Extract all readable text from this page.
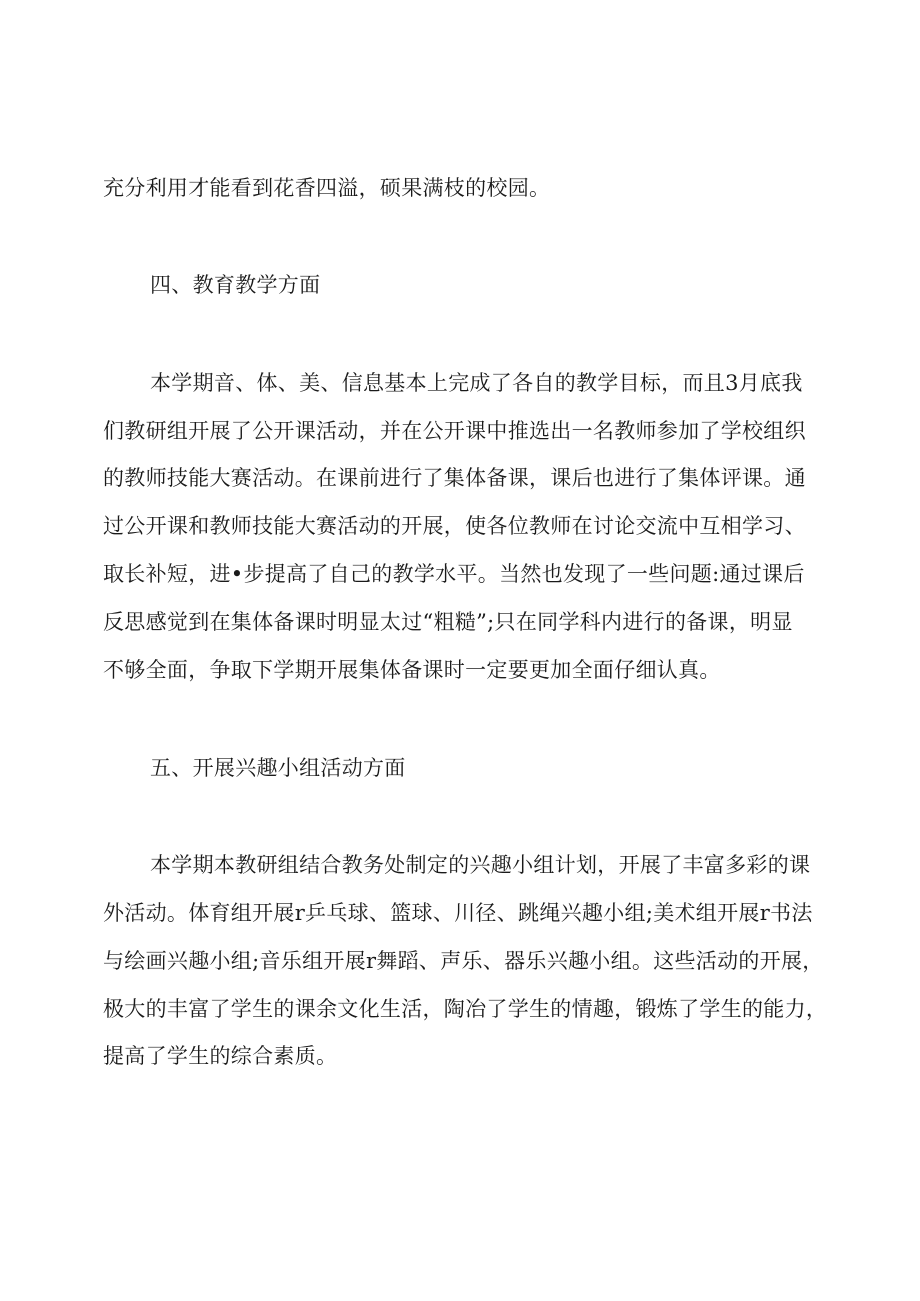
充分利用才能看到花香四溢，硕果满枝的校园。
四、教育教学方面
本学期音、体、美、信息基本上完成了各自的教学目标，而且3月底我
们教研组开展了公开课活动，并在公开课中推选出一名教师参加了学校组织
的教师技能大赛活动。在课前进行了集体备课，课后也进行了集体评课。通
过公开课和教师技能大赛活动的开展，使各位教师在讨论交流中互相学习、
取长补短，进•步提高了自己的教学水平。当然也发现了一些问题:通过课后
反思感觉到在集体备课时明显太过“粗糙”;只在同学科内进行的备课，明显
不够全面，争取下学期开展集体备课时一定要更加全面仔细认真。
五、开展兴趣小组活动方面
本学期本教研组结合教务处制定的兴趣小组计划，开展了丰富多彩的课
外活动。体育组开展r乒乓球、篮球、川径、跳绳兴趣小组;美术组开展r书法
与绘画兴趣小组;音乐组开展r舞蹈、声乐、器乐兴趣小组。这些活动的开展，
极大的丰富了学生的课余文化生活，陶冶了学生的情趣，锻炼了学生的能力，
提高了学生的综合素质。
